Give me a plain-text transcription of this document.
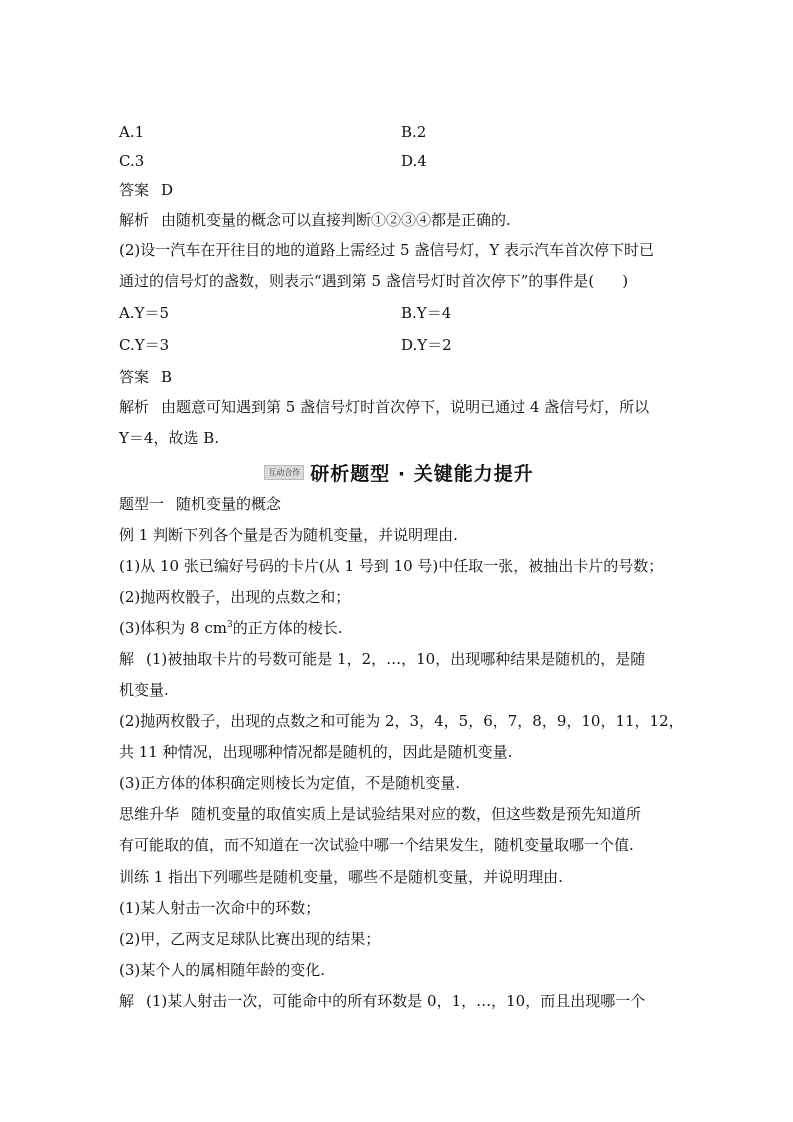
A.1	B.2
C.3	D.4
答案 D
解析 由随机变量的概念可以直接判断①②③④都是正确的.
(2)设一汽车在开往目的地的道路上需经过 5 盏信号灯，Y 表示汽车首次停下时已
通过的信号灯的盏数，则表示“遇到第 5 盏信号灯时首次停下”的事件是( )
A.Y＝5	B.Y＝4
C.Y＝3	D.Y＝2
答案 B
解析 由题意可知遇到第 5 盏信号灯时首次停下，说明已通过 4 盏信号灯，所以
Y＝4，故选 B.
互动合作 研析题型 · 关键能力提升
题型一 随机变量的概念
例 1 判断下列各个量是否为随机变量，并说明理由.
(1)从 10 张已编好号码的卡片(从 1 号到 10 号)中任取一张，被抽出卡片的号数；
(2)抛两枚骰子，出现的点数之和；
(3)体积为 8 $cm^3$的正方体的棱长.
解 (1)被抽取卡片的号数可能是 1，2，…，10，出现哪种结果是随机的，是随
机变量.
(2)抛两枚骰子，出现的点数之和可能为 2，3，4，5，6，7，8，9，10，11，12，
共 11 种情况，出现哪种情况都是随机的，因此是随机变量.
(3)正方体的体积确定则棱长为定值，不是随机变量.
思维升华 随机变量的取值实质上是试验结果对应的数，但这些数是预先知道所
有可能取的值，而不知道在一次试验中哪一个结果发生，随机变量取哪一个值.
训练 1 指出下列哪些是随机变量，哪些不是随机变量，并说明理由.
(1)某人射击一次命中的环数；
(2)甲，乙两支足球队比赛出现的结果；
(3)某个人的属相随年龄的变化.
解 (1)某人射击一次，可能命中的所有环数是 0，1，…，10，而且出现哪一个
